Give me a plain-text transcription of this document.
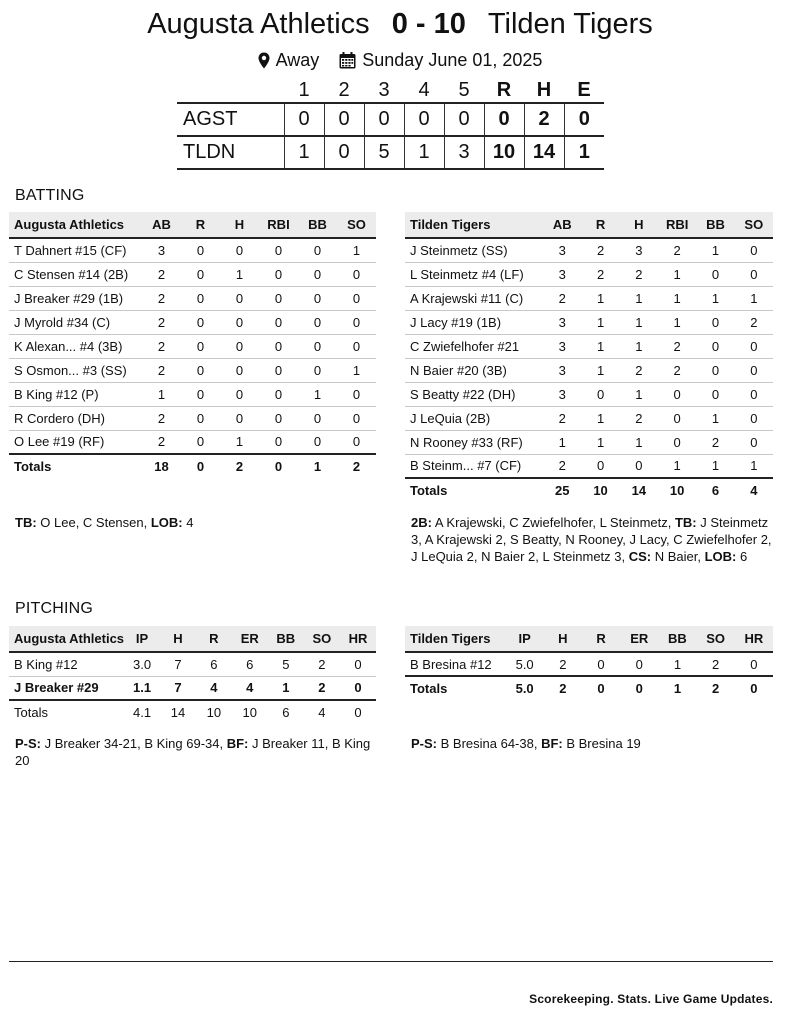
Augusta Athletics 0 - 10 Tilden Tigers
Away Sunday June 01, 2025
	1	2	3	4	5	R	H	E
AGST	0	0	0	0	0	0	2	0
TLDN	1	0	5	1	3	10	14	1
BATTING
Augusta Athletics	AB	R	H	RBI	BB	SO
T Dahnert #15 (CF)	3	0	0	0	0	1
C Stensen #14 (2B)	2	0	1	0	0	0
J Breaker #29 (1B)	2	0	0	0	0	0
J Myrold #34 (C)	2	0	0	0	0	0
K Alexan... #4 (3B)	2	0	0	0	0	0
S Osmon... #3 (SS)	2	0	0	0	0	1
B King #12 (P)	1	0	0	0	1	0
R Cordero (DH)	2	0	0	0	0	0
O Lee #19 (RF)	2	0	1	0	0	0
Totals	18	0	2	0	1	2
Tilden Tigers	AB	R	H	RBI	BB	SO
J Steinmetz (SS)	3	2	3	2	1	0
L Steinmetz #4 (LF)	3	2	2	1	0	0
A Krajewski #11 (C)	2	1	1	1	1	1
J Lacy #19 (1B)	3	1	1	1	0	2
C Zwiefelhofer #21	3	1	1	2	0	0
N Baier #20 (3B)	3	1	2	2	0	0
S Beatty #22 (DH)	3	0	1	0	0	0
J LeQuia (2B)	2	1	2	0	1	0
N Rooney #33 (RF)	1	1	1	0	2	0
B Steinm... #7 (CF)	2	0	0	1	1	1
Totals	25	10	14	10	6	4
TB: O Lee, C Stensen, LOB: 4	2B: A Krajewski, C Zwiefelhofer, L Steinmetz, TB: J Steinmetz 3, A Krajewski 2, S Beatty, N Rooney, J Lacy, C Zwiefelhofer 2, J LeQuia 2, N Baier 2, L Steinmetz 3, CS: N Baier, LOB: 6
PITCHING
Augusta Athletics	IP	H	R	ER	BB	SO	HR
B King #12	3.0	7	6	6	5	2	0
J Breaker #29	1.1	7	4	4	1	2	0
Totals	4.1	14	10	10	6	4	0
Tilden Tigers	IP	H	R	ER	BB	SO	HR
B Bresina #12	5.0	2	0	0	1	2	0
Totals	5.0	2	0	0	1	2	0
P-S: J Breaker 34-21, B King 69-34, BF: J Breaker 11, B King 20
P-S: B Bresina 64-38, BF: B Bresina 19
Scorekeeping. Stats. Live Game Updates.
